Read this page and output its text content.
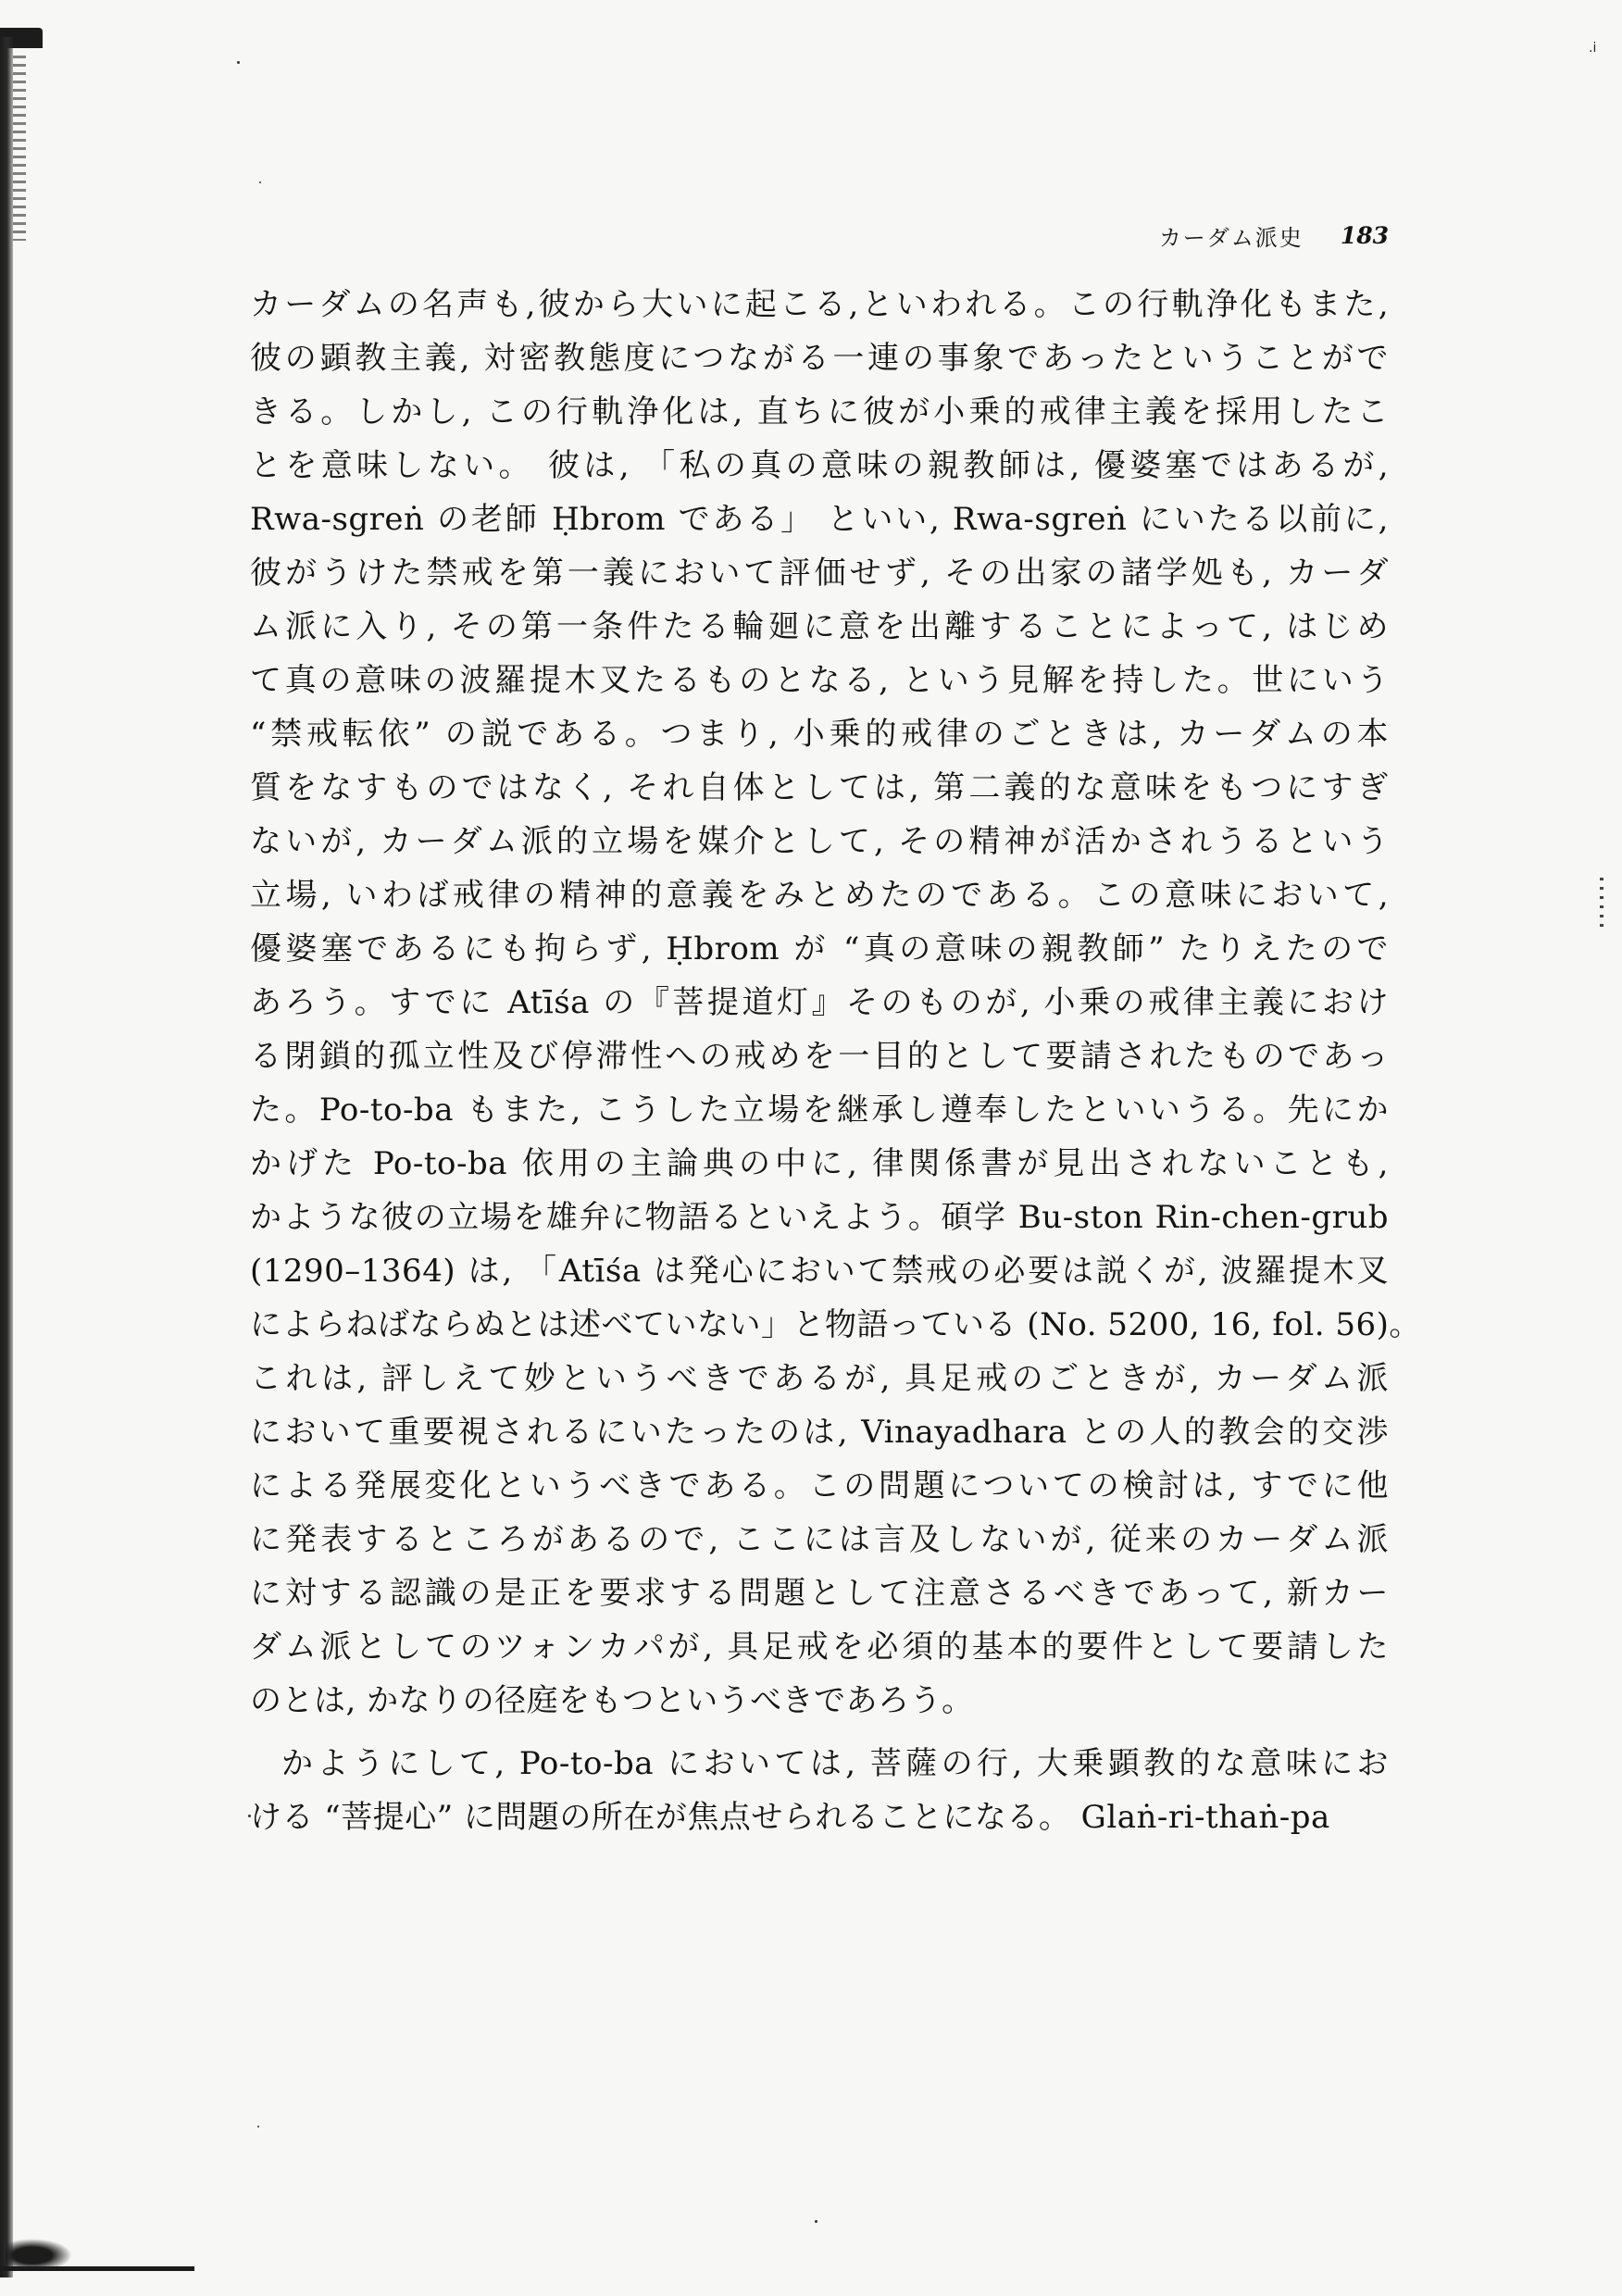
.ⅰ
カーダム派史 183
カーダムの名声も,彼から大いに起こる,といわれる。この行軌浄化もまた,
彼の顕教主義, 対密教態度につながる一連の事象であったということがで
きる。しかし, この行軌浄化は, 直ちに彼が小乗的戒律主義を採用したこ
とを意味しない。 彼は, 「私の真の意味の親教師は, 優婆塞ではあるが,
Rwa-sgreṅ の老師 Ḥbrom である」 といい, Rwa-sgreṅ にいたる以前に,
彼がうけた禁戒を第一義において評価せず, その出家の諸学処も, カーダ
ム派に入り, その第一条件たる輪廻に意を出離することによって, はじめ
て真の意味の波羅提木叉たるものとなる, という見解を持した。世にいう
“禁戒転依” の説である。つまり, 小乗的戒律のごときは, カーダムの本
質をなすものではなく, それ自体としては, 第二義的な意味をもつにすぎ
ないが, カーダム派的立場を媒介として, その精神が活かされうるという
立場, いわば戒律の精神的意義をみとめたのである。この意味において,
優婆塞であるにも拘らず, Ḥbrom が “真の意味の親教師” たりえたので
あろう。すでに Atīśa の『菩提道灯』そのものが, 小乗の戒律主義におけ
る閉鎖的孤立性及び停滞性への戒めを一目的として要請されたものであっ
た。Po-to-ba もまた, こうした立場を継承し遵奉したといいうる。先にか
かげた Po-to-ba 依用の主論典の中に, 律関係書が見出されないことも,
かような彼の立場を雄弁に物語るといえよう。碩学 Bu-ston Rin-chen-grub
(1290–1364) は, 「Atīśa は発心において禁戒の必要は説くが, 波羅提木叉
によらねばならぬとは述べていない」と物語っている (No. 5200, 16, fol. 56)。
これは, 評しえて妙というべきであるが, 具足戒のごときが, カーダム派
において重要視されるにいたったのは, Vinayadhara との人的教会的交渉
による発展変化というべきである。この問題についての検討は, すでに他
に発表するところがあるので, ここには言及しないが, 従来のカーダム派
に対する認識の是正を要求する問題として注意さるべきであって, 新カー
ダム派としてのツォンカパが, 具足戒を必須的基本的要件として要請した
のとは, かなりの径庭をもつというべきであろう。
かようにして, Po-to-ba においては, 菩薩の行, 大乗顕教的な意味にお
ける “菩提心” に問題の所在が焦点せられることになる。 Glaṅ-ri-thaṅ-pa
